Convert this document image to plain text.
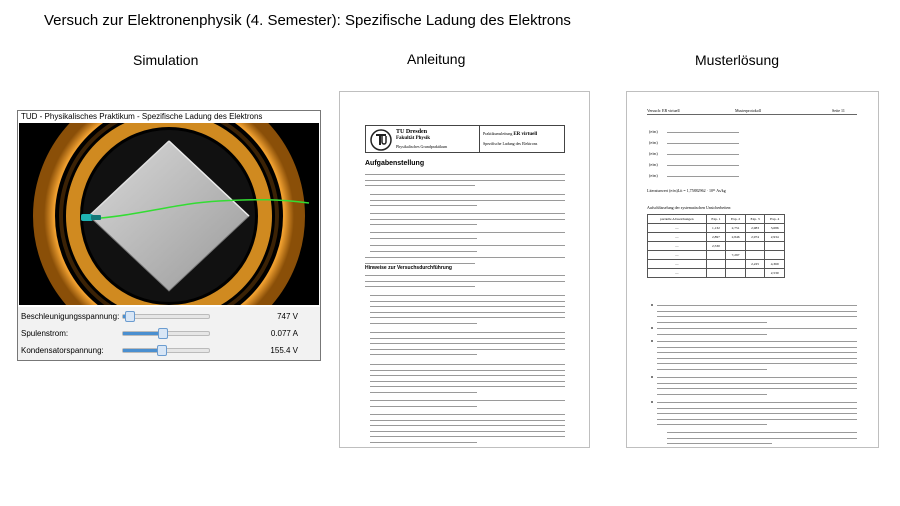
Versuch zur Elektronenphysik (4. Semester): Spezifische Ladung des Elektrons
Simulation	Anleitung	Musterlösung
TUD - Physikalisches Praktikum - Spezifische Ladung des Elektrons
Beschleunigungsspannung:	747 V
Spulenstrom:	0.077 A
Kondensatorspannung:	155.4 V
TU Dresden
Fakultät Physik
Physikalisches Grundpraktikum
Praktikumsleitung ER virtuell
Spezifische Ladung des Elektrons
Aufgabenstellung
Hinweise zur Versuchsdurchführung
Versuch: ER virtuell	Musterprotokoll	Seite 11
(e/m)
(e/m)
(e/m)
(e/m)
(e/m)
Literaturwert (e/m)Lit = 1,75882962 · 10¹¹ As/kg
Aufschlüsselung der systematischen Unsicherheiten:
partielle Abweichungen	Exp. 1	Exp. 2	Exp. 3	Exp. 4
—	1,132	2,751	2,983	3,686
—	2,897	2,846	2,974	2,934
—	2,530			
—		7,297		
—			2,225	4,369
—				2,530
